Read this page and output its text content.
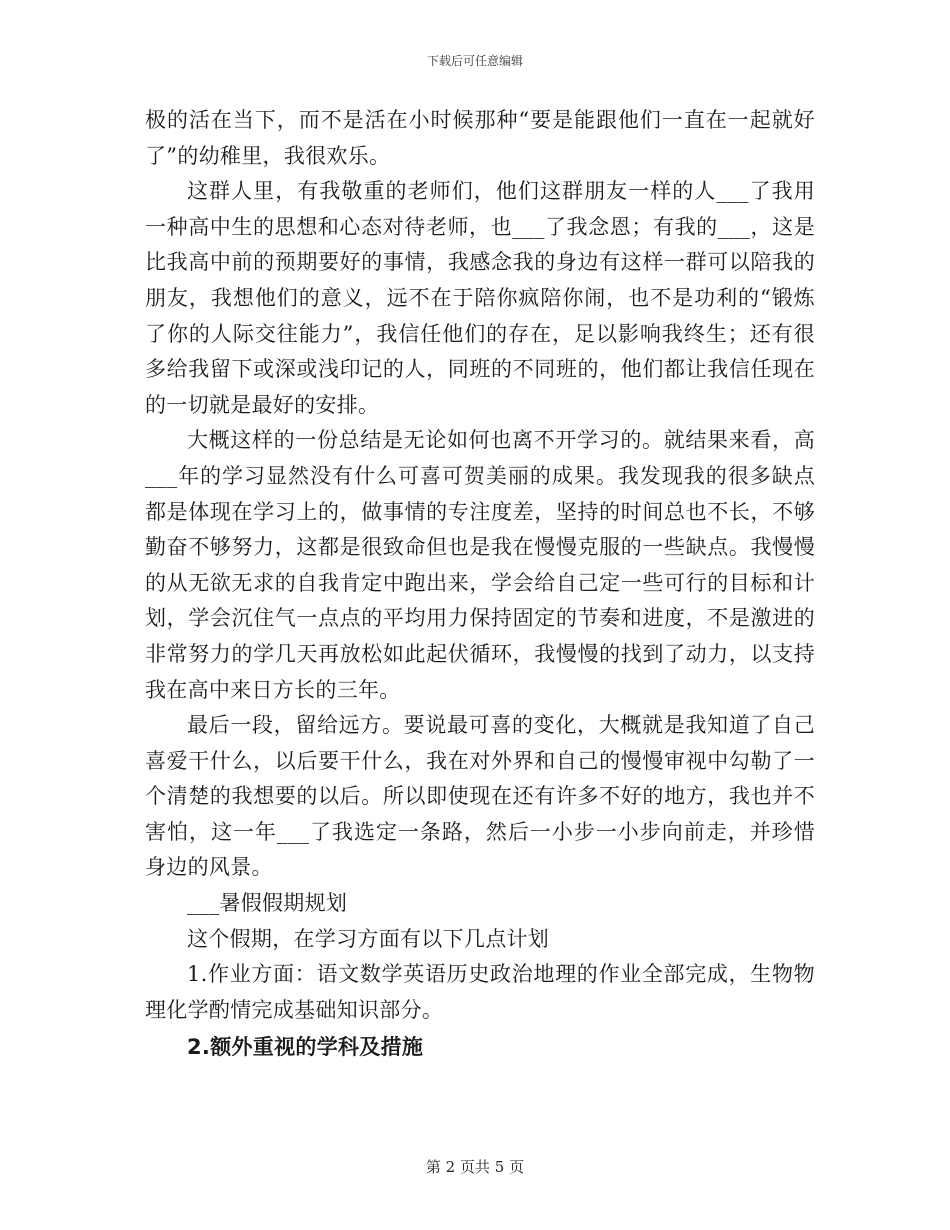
下载后可任意编辑

极的活在当下，而不是活在小时候那种“要是能跟他们一直在一起就好了”的幼稚里，我很欢乐。

这群人里，有我敬重的老师们，他们这群朋友一样的人___了我用一种高中生的思想和心态对待老师，也___了我念恩；有我的___，这是比我高中前的预期要好的事情，我感念我的身边有这样一群可以陪我的朋友，我想他们的意义，远不在于陪你疯陪你闹，也不是功利的“锻炼了你的人际交往能力”，我信任他们的存在，足以影响我终生；还有很多给我留下或深或浅印记的人，同班的不同班的，他们都让我信任现在的一切就是最好的安排。

大概这样的一份总结是无论如何也离不开学习的。就结果来看，高___年的学习显然没有什么可喜可贺美丽的成果。我发现我的很多缺点都是体现在学习上的，做事情的专注度差，坚持的时间总也不长，不够勤奋不够努力，这都是很致命但也是我在慢慢克服的一些缺点。我慢慢的从无欲无求的自我肯定中跑出来，学会给自己定一些可行的目标和计划，学会沉住气一点点的平均用力保持固定的节奏和进度，不是激进的非常努力的学几天再放松如此起伏循环，我慢慢的找到了动力，以支持我在高中来日方长的三年。

最后一段，留给远方。要说最可喜的变化，大概就是我知道了自己喜爱干什么，以后要干什么，我在对外界和自己的慢慢审视中勾勒了一个清楚的我想要的以后。所以即使现在还有许多不好的地方，我也并不害怕，这一年___了我选定一条路，然后一小步一小步向前走，并珍惜身边的风景。

___暑假假期规划

这个假期，在学习方面有以下几点计划

1.作业方面：语文数学英语历史政治地理的作业全部完成，生物物理化学酌情完成基础知识部分。

2.额外重视的学科及措施

第 2 页共 5 页
